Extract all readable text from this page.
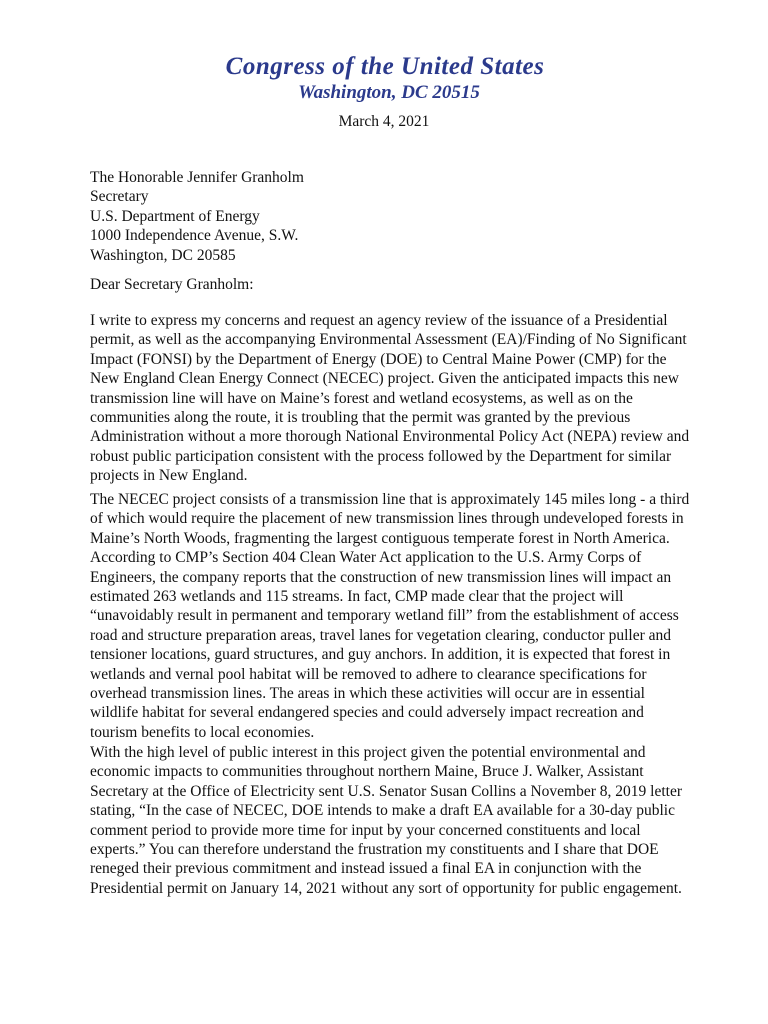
Congress of the United States
Washington, DC 20515
March 4, 2021
The Honorable Jennifer Granholm
Secretary
U.S. Department of Energy
1000 Independence Avenue, S.W.
Washington, DC 20585
Dear Secretary Granholm:
I write to express my concerns and request an agency review of the issuance of a Presidential permit, as well as the accompanying Environmental Assessment (EA)/Finding of No Significant Impact (FONSI) by the Department of Energy (DOE) to Central Maine Power (CMP) for the New England Clean Energy Connect (NECEC) project. Given the anticipated impacts this new transmission line will have on Maine’s forest and wetland ecosystems, as well as on the communities along the route, it is troubling that the permit was granted by the previous Administration without a more thorough National Environmental Policy Act (NEPA) review and robust public participation consistent with the process followed by the Department for similar projects in New England.
The NECEC project consists of a transmission line that is approximately 145 miles long - a third of which would require the placement of new transmission lines through undeveloped forests in Maine’s North Woods, fragmenting the largest contiguous temperate forest in North America. According to CMP’s Section 404 Clean Water Act application to the U.S. Army Corps of Engineers, the company reports that the construction of new transmission lines will impact an estimated 263 wetlands and 115 streams. In fact, CMP made clear that the project will “unavoidably result in permanent and temporary wetland fill” from the establishment of access road and structure preparation areas, travel lanes for vegetation clearing, conductor puller and tensioner locations, guard structures, and guy anchors. In addition, it is expected that forest in wetlands and vernal pool habitat will be removed to adhere to clearance specifications for overhead transmission lines. The areas in which these activities will occur are in essential wildlife habitat for several endangered species and could adversely impact recreation and tourism benefits to local economies.
With the high level of public interest in this project given the potential environmental and economic impacts to communities throughout northern Maine, Bruce J. Walker, Assistant Secretary at the Office of Electricity sent U.S. Senator Susan Collins a November 8, 2019 letter stating, “In the case of NECEC, DOE intends to make a draft EA available for a 30-day public comment period to provide more time for input by your concerned constituents and local experts.” You can therefore understand the frustration my constituents and I share that DOE reneged their previous commitment and instead issued a final EA in conjunction with the Presidential permit on January 14, 2021 without any sort of opportunity for public engagement.
